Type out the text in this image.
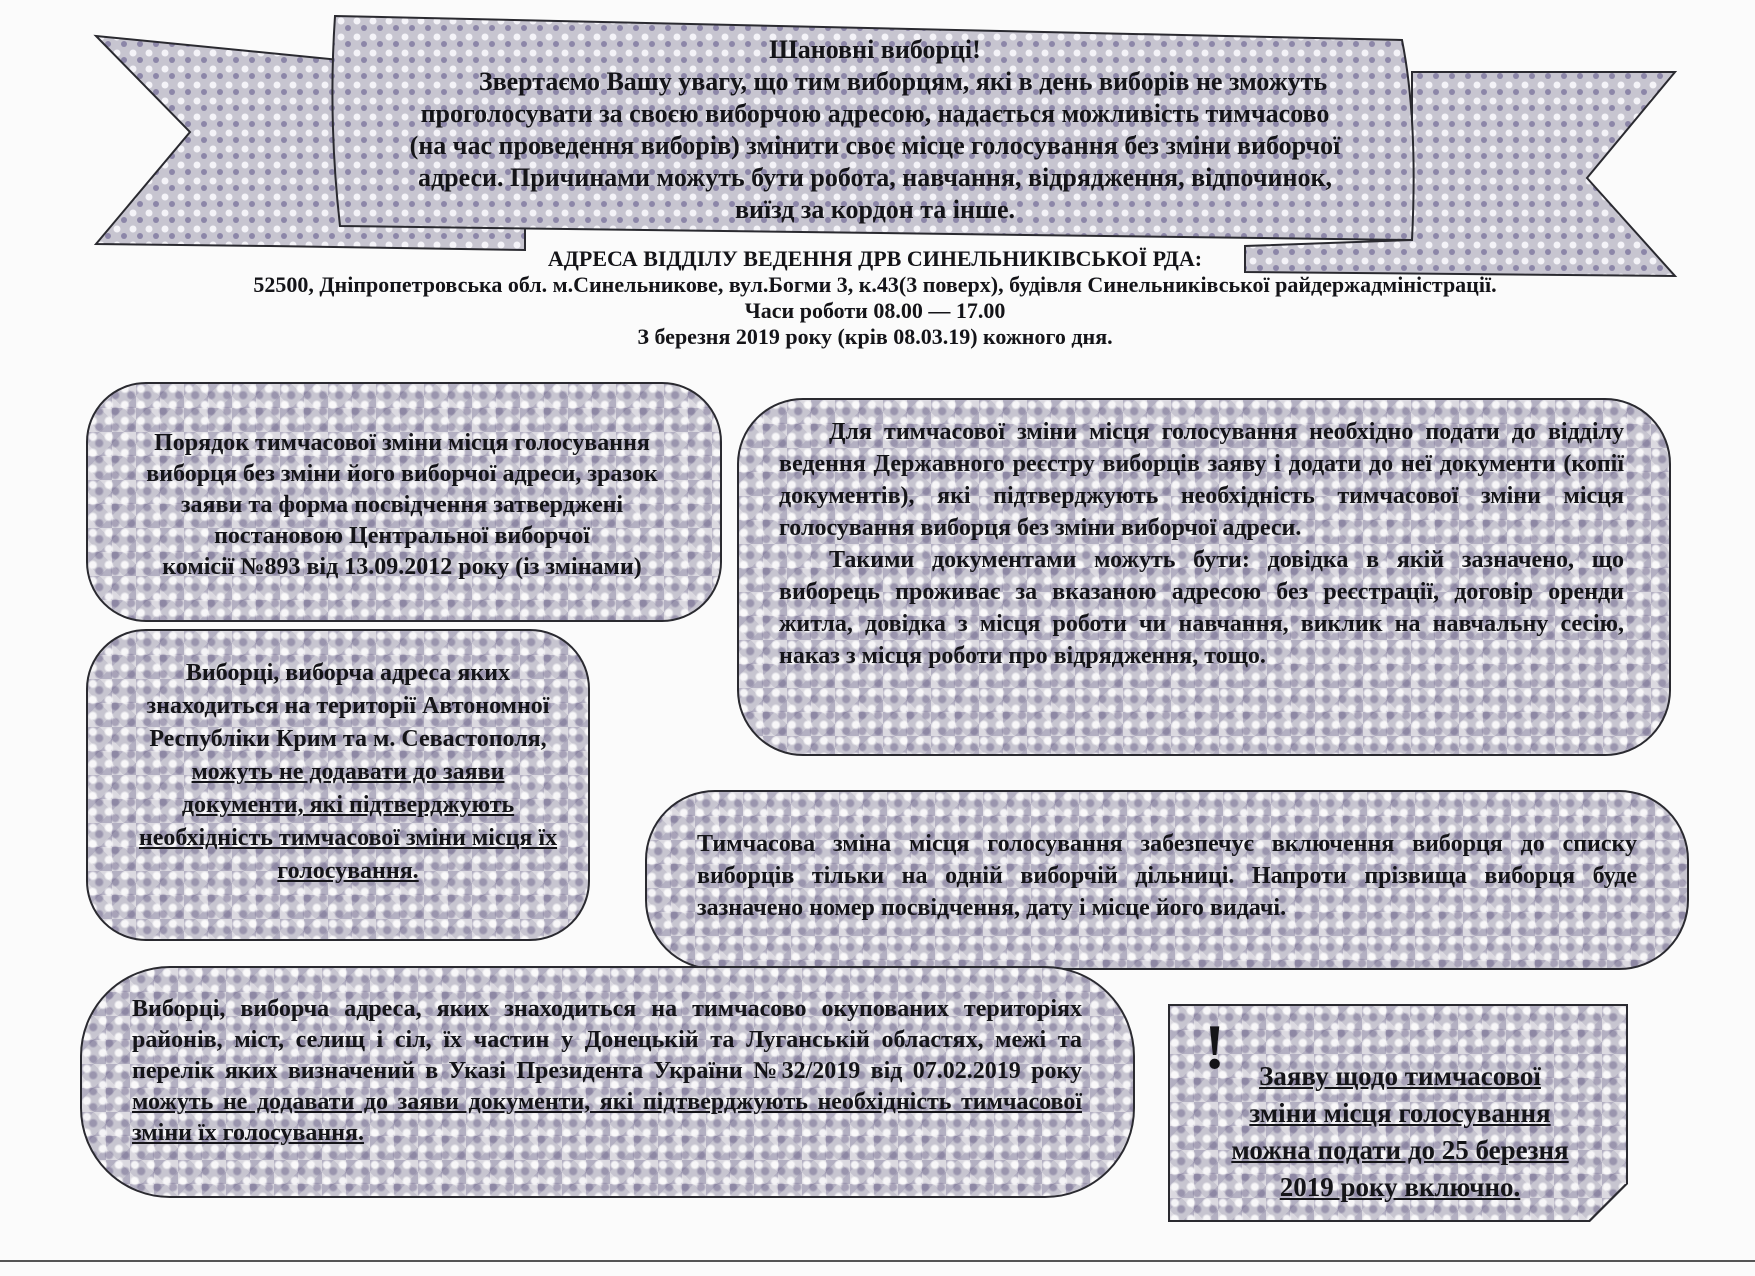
Шановні виборці!
Звертаємо Вашу увагу, що тим виборцям, які в день виборів не зможуть
проголосувати за своєю виборчою адресою, надається можливість тимчасово
(на час проведення виборів) змінити своє місце голосування без зміни виборчої
адреси. Причинами можуть бути робота, навчання, відрядження, відпочинок,
виїзд за кордон та інше.
АДРЕСА ВІДДІЛУ ВЕДЕННЯ ДРВ СИНЕЛЬНИКІВСЬКОЇ РДА:
52500, Дніпропетровська обл. м.Синельникове, вул.Богми 3, к.43(3 поверх), будівля Синельниківської райдержадміністрації.
Часи роботи 08.00 — 17.00
З березня 2019 року (крів 08.03.19) кожного дня.
Порядок тимчасової зміни місця голосування
виборця без зміни його виборчої адреси, зразок
заяви та форма посвідчення затверджені
постановою Центральної виборчої
комісії №893 від 13.09.2012 року (із змінами)

Для тимчасової зміни місця голосування необхідно подати до відділу ведення Державного реєстру виборців заяву і додати до неї документи (копії документів), які підтверджують необхідність тимчасової зміни місця голосування виборця без зміни виборчої адреси.

Такими документами можуть бути: довідка в якій зазначено, що виборець проживає за вказаною адресою без реєстрації, договір оренди житла, довідка з місця роботи чи навчання, виклик на навчальну сесію, наказ з місця роботи про відрядження, тощо.

Виборці, виборча адреса яких знаходиться на території Автономної Республіки Крим та м. Севастополя, можуть не додавати до заяви документи, які підтверджують необхідність тимчасової зміни місця їх голосування.
Тимчасова зміна місця голосування забезпечує включення виборця до списку виборців тільки на одній виборчій дільниці. Напроти прізвища виборця буде зазначено номер посвідчення, дату і місце його видачі.
Виборці, виборча адреса, яких знаходиться на тимчасово окупованих територіях районів, міст, селищ і сіл, їх частин у Донецькій та Луганській областях, межі та перелік яких визначений в Указі Президента України №32/2019 від 07.02.2019 року можуть не додавати до заяви документи, які підтверджують необхідність тимчасової зміни їх голосування.
!	Заяву щодо тимчасової
зміни місця голосування
можна подати до 25 березня
2019 року включно.
